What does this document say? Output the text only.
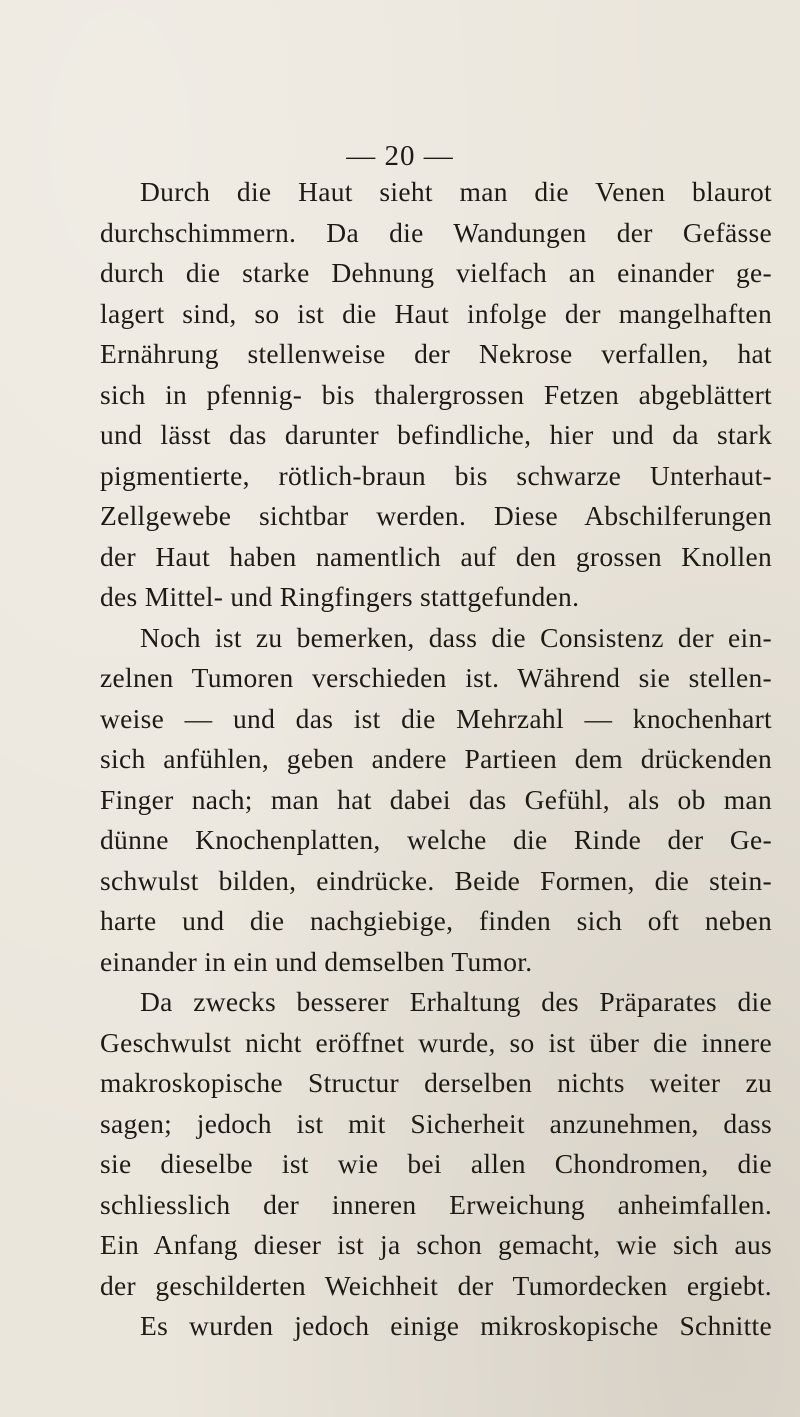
— 20 —
Durch die Haut sieht man die Venen blaurot
durchschimmern. Da die Wandungen der Gefässe
durch die starke Dehnung vielfach an einander ge-
lagert sind, so ist die Haut infolge der mangelhaften
Ernährung stellenweise der Nekrose verfallen, hat
sich in pfennig- bis thalergrossen Fetzen abgeblättert
und lässt das darunter befindliche, hier und da stark
pigmentierte, rötlich-braun bis schwarze Unterhaut-
Zellgewebe sichtbar werden. Diese Abschilferungen
der Haut haben namentlich auf den grossen Knollen
des Mittel- und Ringfingers stattgefunden.
Noch ist zu bemerken, dass die Consistenz der ein-
zelnen Tumoren verschieden ist. Während sie stellen-
weise — und das ist die Mehrzahl — knochenhart
sich anfühlen, geben andere Partieen dem drückenden
Finger nach; man hat dabei das Gefühl, als ob man
dünne Knochenplatten, welche die Rinde der Ge-
schwulst bilden, eindrücke. Beide Formen, die stein-
harte und die nachgiebige, finden sich oft neben
einander in ein und demselben Tumor.
Da zwecks besserer Erhaltung des Präparates die
Geschwulst nicht eröffnet wurde, so ist über die innere
makroskopische Structur derselben nichts weiter zu
sagen; jedoch ist mit Sicherheit anzunehmen, dass
sie dieselbe ist wie bei allen Chondromen, die
schliesslich der inneren Erweichung anheimfallen.
Ein Anfang dieser ist ja schon gemacht, wie sich aus
der geschilderten Weichheit der Tumordecken ergiebt.
Es wurden jedoch einige mikroskopische Schnitte
